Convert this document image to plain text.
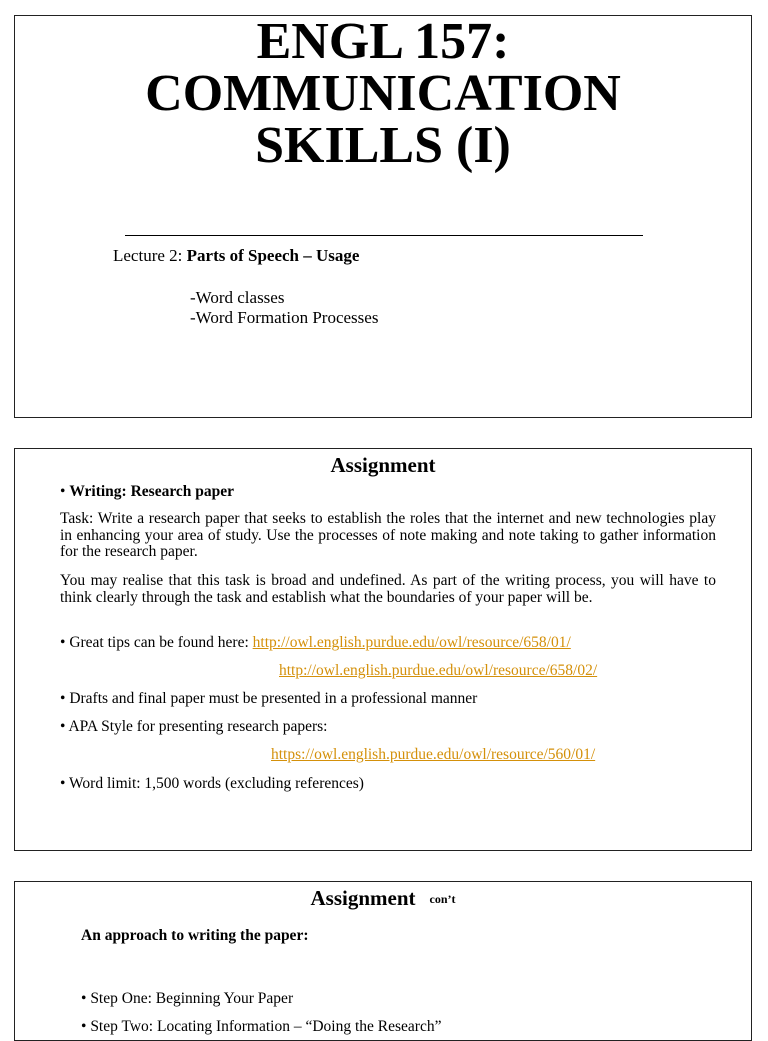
ENGL 157:
COMMUNICATION
SKILLS (I)
Lecture 2: Parts of Speech – Usage
-Word classes
-Word Formation Processes
Assignment
• Writing: Research paper
Task: Write a research paper that seeks to establish the roles that the internet and new technologies play in enhancing your area of study. Use the processes of note making and note taking to gather information for the research paper.
You may realise that this task is broad and undefined. As part of the writing process, you will have to think clearly through the task and establish what the boundaries of your paper will be.
• Great tips can be found here: http://owl.english.purdue.edu/owl/resource/658/01/
http://owl.english.purdue.edu/owl/resource/658/02/
• Drafts and final paper must be presented in a professional manner
• APA Style for presenting research papers:
https://owl.english.purdue.edu/owl/resource/560/01/
• Word limit: 1,500 words (excluding references)
Assignment con’t
An approach to writing the paper:
• Step One: Beginning Your Paper
• Step Two: Locating Information – “Doing the Research”
